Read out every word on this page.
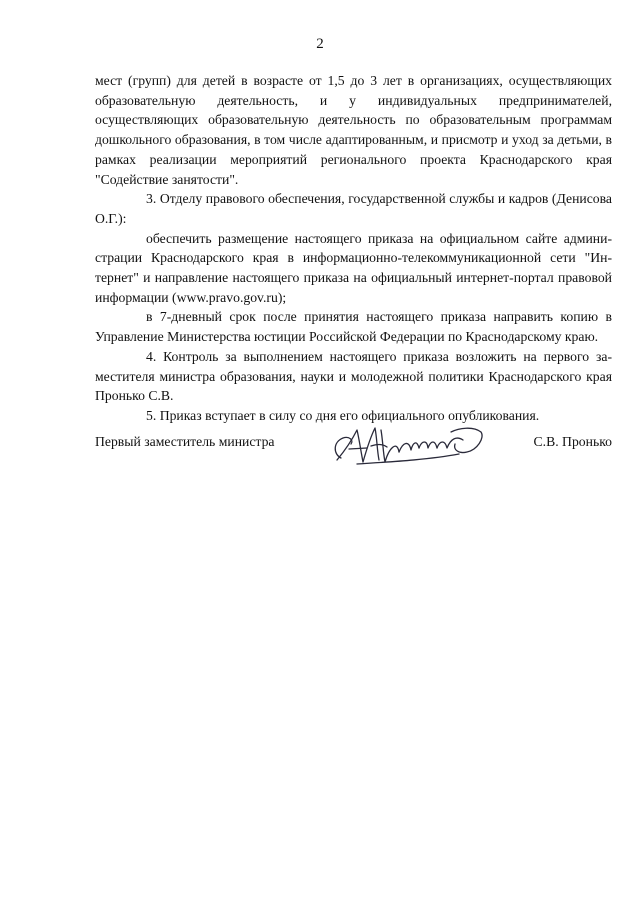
2

мест (групп) для детей в возрасте от 1,5 до 3 лет в организациях, осуществляющих образовательную деятельность, и у индивидуальных предпринимателей, осуществляющих образовательную деятельность по образовательным программам дошкольного образования, в том числе адаптированным, и присмотр и уход за детьми, в рамках реализации мероприятий регионального проекта Краснодарского края "Содействие занятости".

3. Отделу правового обеспечения, государственной службы и кадров (Денисова О.Г.):

обеспечить размещение настоящего приказа на официальном сайте администрации Краснодарского края в информационно-телекоммуникационной сети "Интернет" и направление настоящего приказа на официальный интернет-портал правовой информации (www.pravo.gov.ru);

в 7-дневный срок после принятия настоящего приказа направить копию в Управление Министерства юстиции Российской Федерации по Краснодарскому краю.

4. Контроль за выполнением настоящего приказа возложить на первого заместителя министра образования, науки и молодежной политики Краснодарского края Пронько С.В.

5. Приказ вступает в силу со дня его официального опубликования.

Первый заместитель министра	С.В. Пронько
